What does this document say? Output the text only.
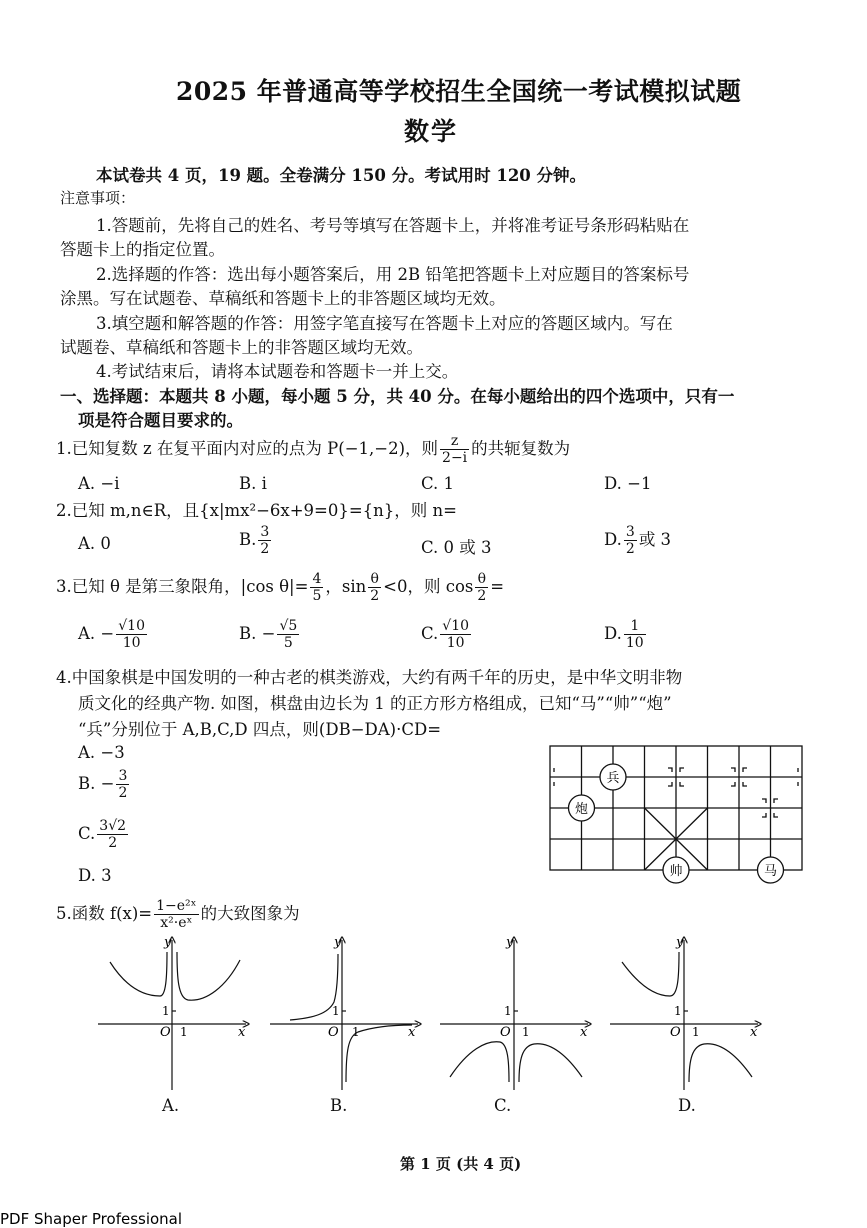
2025 年普通高等学校招生全国统一考试模拟试题
数学
本试卷共 4 页，19 题。全卷满分 150 分。考试用时 120 分钟。
注意事项：
1.答题前，先将自己的姓名、考号等填写在答题卡上，并将准考证号条形码粘贴在
答题卡上的指定位置。
2.选择题的作答：选出每小题答案后，用 2B 铅笔把答题卡上对应题目的答案标号
涂黑。写在试题卷、草稿纸和答题卡上的非答题区域均无效。
3.填空题和解答题的作答：用签字笔直接写在答题卡上对应的答题区域内。写在
试题卷、草稿纸和答题卡上的非答题区域均无效。
4.考试结束后，请将本试题卷和答题卡一并上交。
一、选择题：本题共 8 小题，每小题 5 分，共 40 分。在每小题给出的四个选项中，只有一
项是符合题目要求的。
1.已知复数 z 在复平面内对应的点为 P(−1,−2)，则 $\frac{z}{2-i}$ 的共轭复数为
A. −i	B. i	C. 1	D. −1
2.已知 m,n∈R，且{x|mx²−6x+9=0}={n}，则 n=
A. 0	B. $\frac{3}{2}$	C. 0 或 3	D. $\frac{3}{2}$ 或 3
3.已知 θ 是第三象限角，|cos $\theta|= \frac{4}{5}$ ，$\sin \frac{\theta}{2} <0$，则 $\cos \frac{\theta}{2}$ =
A. − $\frac{√10}{10}$	B. − $\frac{√5}{5}$	C. $\frac{√10}{10}$	D. $\frac{1}{10}$
4.中国象棋是中国发明的一种古老的棋类游戏，大约有两千年的历史，是中华文明非物
质文化的经典产物. 如图，棋盘由边长为 1 的正方形方格组成，已知“马”“帅”“炮”
“兵”分别位于 A,B,C,D 四点，则(DB−DA)·CD=
A. −3
B. − $\frac{3}{2}$
C. $\frac{3√2}{2}$
D. 3
兵
炮
帅	马
5.函数 $f(x)= \frac{\text{1−e²ˣ}}{\text{x²·eˣ}}$ 的大致图象为
y
x
O
1
1
A.
y
x
O
1
1
B.
y
x
O
1
1
C.
y
x
O
1
1
D.
第 1 页 (共 4 页)
PDF Shaper Professional
